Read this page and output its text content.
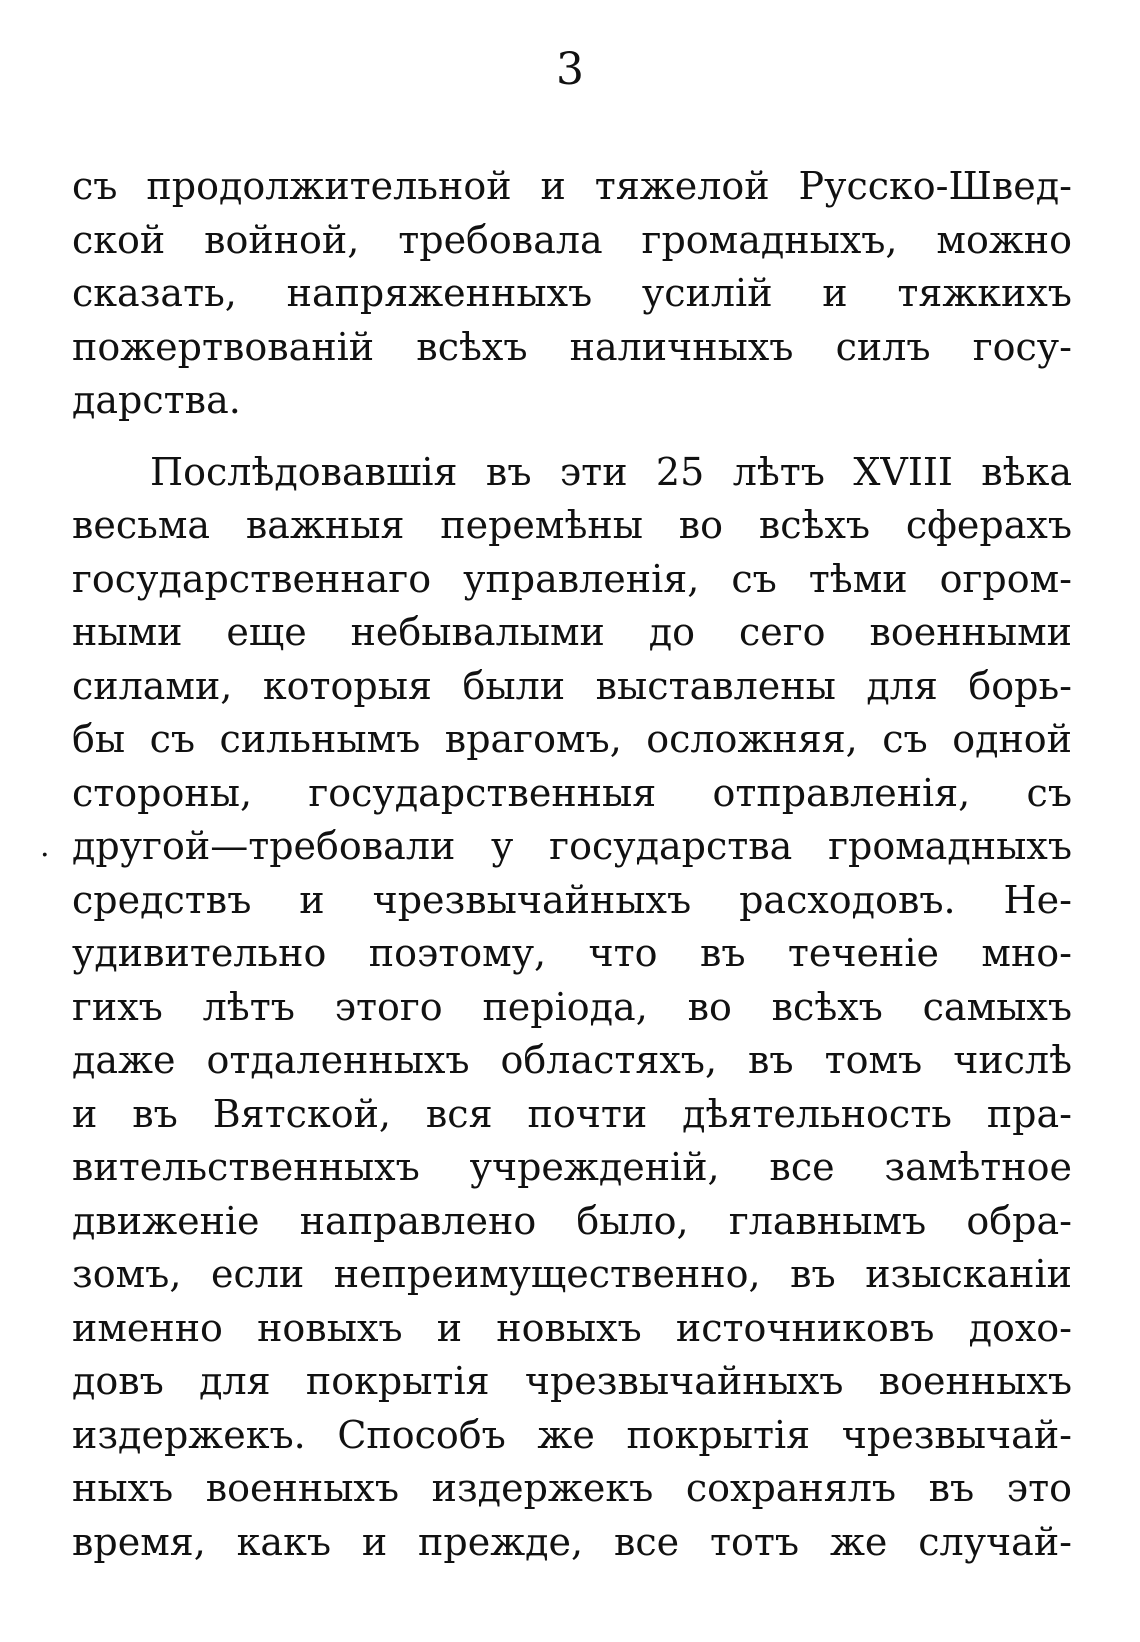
3
.
съ продолжительной и тяжелой Русско-Швед-
ской войной, требовала громадныхъ, можно
сказать, напряженныхъ усилій и тяжкихъ
пожертвованій всѣхъ наличныхъ силъ госу-
дарства.
Послѣдовавшія въ эти 25 лѣтъ XVIII вѣка
весьма важныя перемѣны во всѣхъ сферахъ
государственнаго управленія, съ тѣми огром-
ными еще небывалыми до сего военными
силами, которыя были выставлены для борь-
бы съ сильнымъ врагомъ, осложняя, съ одной
стороны, государственныя отправленія, съ
другой—требовали у государства громадныхъ
средствъ и чрезвычайныхъ расходовъ. Не-
удивительно поэтому, что въ теченіе мно-
гихъ лѣтъ этого періода, во всѣхъ самыхъ
даже отдаленныхъ областяхъ, въ томъ числѣ
и въ Вятской, вся почти дѣятельность пра-
вительственныхъ учрежденій, все замѣтное
движеніе направлено было, главнымъ обра-
зомъ, если непреимущественно, въ изысканіи
именно новыхъ и новыхъ источниковъ дохо-
довъ для покрытія чрезвычайныхъ военныхъ
издержекъ. Способъ же покрытія чрезвычай-
ныхъ военныхъ издержекъ сохранялъ въ это
время, какъ и прежде, все тотъ же случай-
